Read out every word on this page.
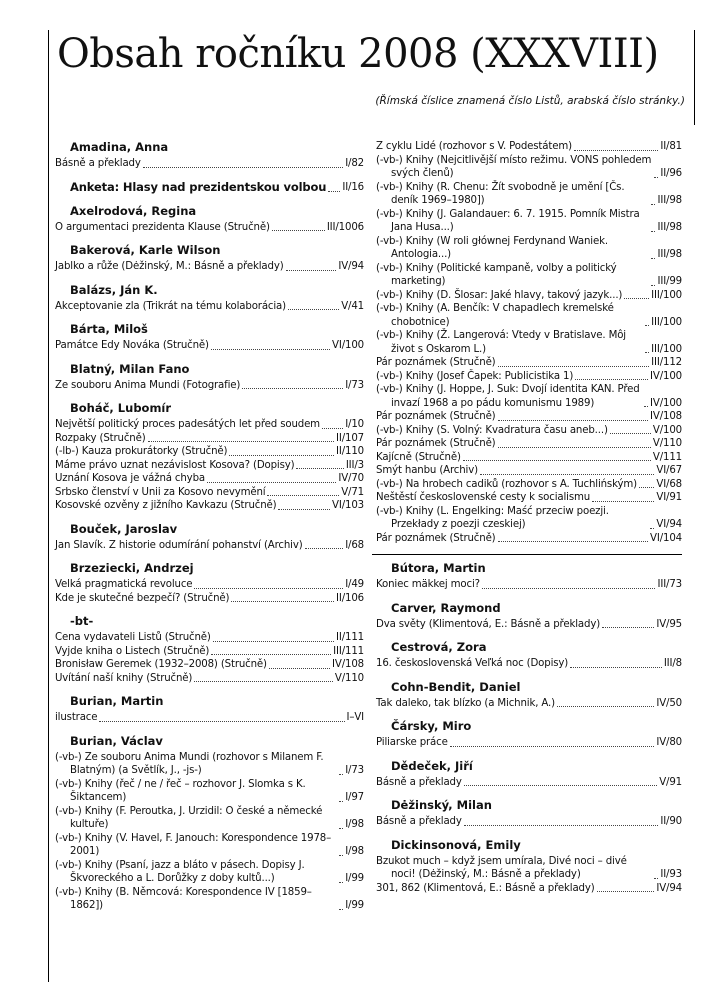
Obsah ročníku 2008 (XXXVIII)

(Římská číslice znamená číslo Listů, arabská číslo stránky.)

Amadina, Anna
Básně a překlady	I/82
Anketa: Hlasy nad prezidentskou volbou II/16
Axelrodová, Regina
O argumentaci prezidenta Klause (Stručně)	III/1006
Bakerová, Karle Wilson
Jablko a růže (Dėžinský, M.: Básně a překlady)	IV/94
Balázs, Ján K.
Akceptovanie zla (Trikrát na tému kolaborácia)	V/41
Bárta, Miloš
Památce Edy Nováka (Stručně)	VI/100
Blatný, Milan Fano
Ze souboru Anima Mundi (Fotografie)	I/73
Boháč, Lubomír
Největší politický proces padesátých let před soudem I/10
Rozpaky (Stručně)	II/107
(-lb-) Kauza prokurátorky (Stručně)	II/110
Máme právo uznat nezávislost Kosova? (Dopisy)	III/3
Uznání Kosova je vážná chyba	IV/70
Srbsko členství v Unii za Kosovo nevymění	V/71
Kosovské ozvěny z jižního Kavkazu (Stručně)	VI/103
Bouček, Jaroslav
Jan Slavík. Z historie odumírání pohanství (Archiv)	I/68
Brzeziecki, Andrzej
Velká pragmatická revoluce	I/49
Kde je skutečné bezpečí? (Stručně)	II/106
-bt-
Cena vydavateli Listů (Stručně)	II/111
Vyjde kniha o Listech (Stručně)	III/111
Bronisław Geremek (1932–2008) (Stručně)	IV/108
Uvítání naší knihy (Stručně)	V/110
Burian, Martin
ilustrace	I–VI
Burian, Václav
(-vb-) Ze souboru Anima Mundi (rozhovor s Milanem F. Blatným) (a Světlík, J., -js-)	I/73
(-vb-) Knihy (řeč / ne / řeč – rozhovor J. Slomka s K. Šiktancem)	I/97
(-vb-) Knihy (F. Peroutka, J. Urzidil: O české a německé kultuře)	I/98
(-vb-) Knihy (V. Havel, F. Janouch: Korespondence 1978–2001)	I/98
(-vb-) Knihy (Psaní, jazz a bláto v pásech. Dopisy J. Škvoreckého a L. Dorůžky z doby kultů...)	I/99
(-vb-) Knihy (B. Němcová: Korespondence IV [1859–1862])	I/99
Z cyklu Lidé (rozhovor s V. Podestátem)	II/81
(-vb-) Knihy (Nejcitlivější místo režimu. VONS pohledem svých členů)	II/96
(-vb-) Knihy (R. Chenu: Žít svobodně je umění [Čs. deník 1969–1980])	III/98
(-vb-) Knihy (J. Galandauer: 6. 7. 1915. Pomník Mistra Jana Husa...)	III/98
(-vb-) Knihy (W roli głównej Ferdynand Waniek. Antologia...)	III/98
(-vb-) Knihy (Politické kampaně, volby a politický marketing)	III/99
(-vb-) Knihy (D. Šlosar: Jaké hlavy, takový jazyk...)	III/100
(-vb-) Knihy (A. Benčík: V chapadlech kremelské chobotnice)	III/100
(-vb-) Knihy (Ž. Langerová: Vtedy v Bratislave. Môj život s Oskarom L.)	III/100
Pár poznámek (Stručně)	III/112
(-vb-) Knihy (Josef Čapek: Publicistika 1)	IV/100
(-vb-) Knihy (J. Hoppe, J. Suk: Dvojí identita KAN. Před invazí 1968 a po pádu komunismu 1989)	IV/100
Pár poznámek (Stručně)	IV/108
(-vb-) Knihy (S. Volný: Kvadratura času aneb...)	V/100
Pár poznámek (Stručně)	V/110
Kajícně (Stručně)	V/111
Smýt hanbu (Archiv)	VI/67
(-vb-) Na hrobech cadiků (rozhovor s A. Tuchlińským) VI/68
Neštěstí československé cesty k socialismu	VI/91
(-vb-) Knihy (L. Engelking: Maść przeciw poezji. Przekłady z poezji czeskiej)	VI/94
Pár poznámek (Stručně)	VI/104
Bútora, Martin
Koniec mäkkej moci?	III/73
Carver, Raymond
Dva světy (Klimentová, E.: Básně a překlady)	IV/95
Cestrová, Zora
16. československá Veľká noc (Dopisy)	III/8
Cohn-Bendit, Daniel
Tak daleko, tak blízko (a Michnik, A.)	IV/50
Čársky, Miro
Piliarske práce	IV/80
Dědeček, Jiří
Básně a překlady	V/91
Dėžinský, Milan
Básně a překlady	II/90
Dickinsonová, Emily
Bzukot much – když jsem umírala, Divé noci – divé noci! (Dėžinský, M.: Básně a překlady)	II/93
301, 862 (Klimentová, E.: Básně a překlady)	IV/94
